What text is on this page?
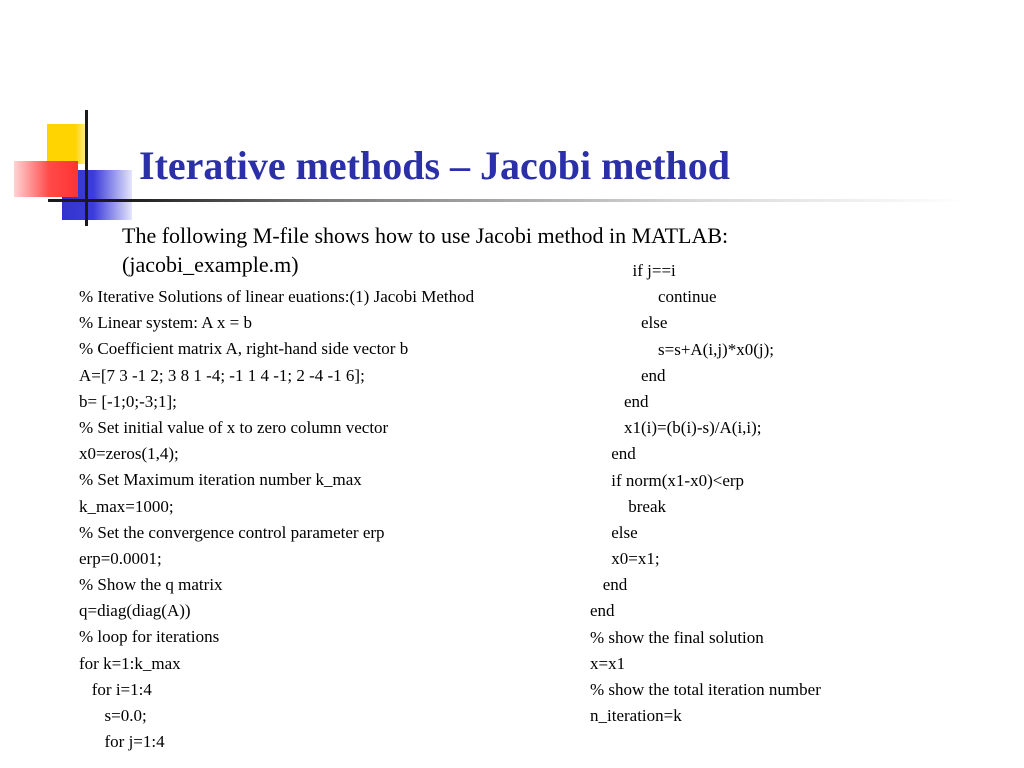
Iterative methods – Jacobi method
The following M-file shows how to use Jacobi method in MATLAB:
(jacobi_example.m)
% Iterative Solutions of linear euations:(1) Jacobi Method
% Linear system: A x = b
% Coefficient matrix A, right-hand side vector b
A=[7 3 -1 2; 3 8 1 -4; -1 1 4 -1; 2 -4 -1 6];
b= [-1;0;-3;1];
% Set initial value of x to zero column vector
x0=zeros(1,4);
% Set Maximum iteration number k_max
k_max=1000;
% Set the convergence control parameter erp
erp=0.0001;
% Show the q matrix
q=diag(diag(A))
% loop for iterations
for k=1:k_max
for i=1:4
s=0.0;
for j=1:4
if j==i
continue
else
s=s+A(i,j)*x0(j);
end
end
x1(i)=(b(i)-s)/A(i,i);
end
if norm(x1-x0)<erp
break
else
x0=x1;
end
end
% show the final solution
x=x1
% show the total iteration number
n_iteration=k
